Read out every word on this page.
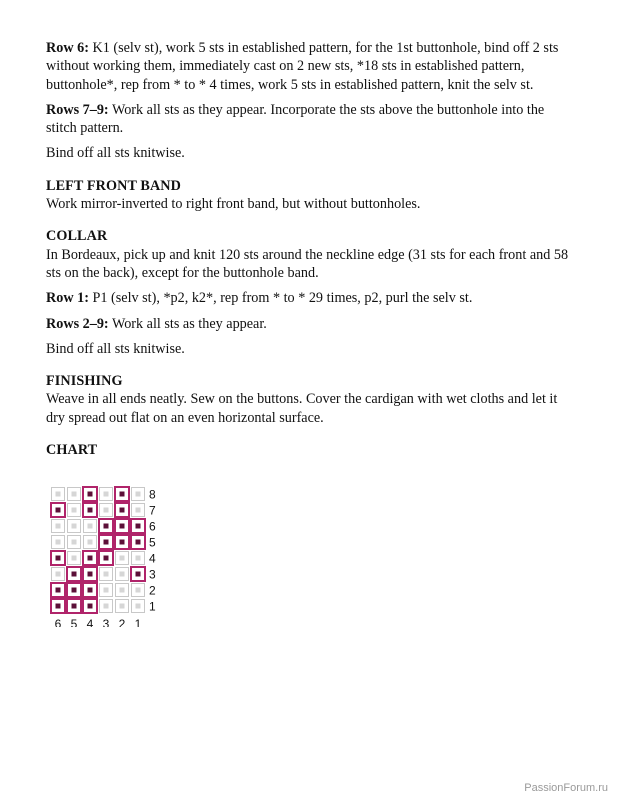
Row 6: K1 (selv st), work 5 sts in established pattern, for the 1st buttonhole, bind off 2 sts without working them, immediately cast on 2 new sts, *18 sts in established pattern, buttonhole*, rep from * to * 4 times, work 5 sts in established pattern, knit the selv st.

Rows 7–9: Work all sts as they appear. Incorporate the sts above the buttonhole into the stitch pattern.

Bind off all sts knitwise.

LEFT FRONT BAND

Work mirror-inverted to right front band, but without buttonholes.

COLLAR

In Bordeaux, pick up and knit 120 sts around the neckline edge (31 sts for each front and 58 sts on the back), except for the buttonhole band.

Row 1: P1 (selv st), *p2, k2*, rep from * to * 29 times, p2, purl the selv st.

Rows 2–9: Work all sts as they appear.

Bind off all sts knitwise.

FINISHING

Weave in all ends neatly. Sew on the buttons. Cover the cardigan with wet cloths and let it dry spread out flat on an even horizontal surface.

CHART
8
7
6
5
4
3
2
1
6 5 4 3 2 1
PassionForum.ru
